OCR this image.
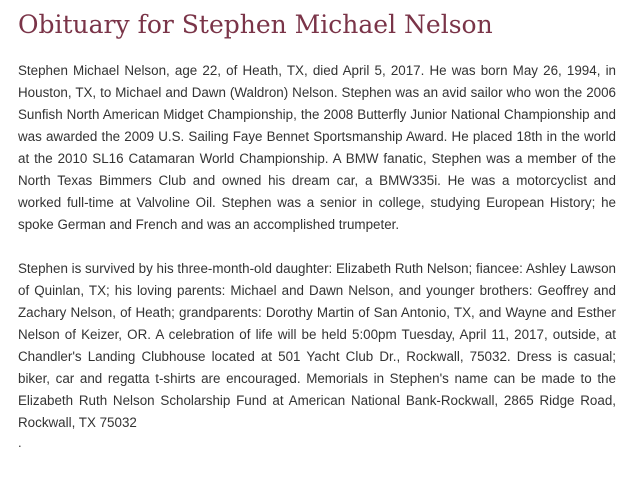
Obituary for Stephen Michael Nelson

Stephen Michael Nelson, age 22, of Heath, TX, died April 5, 2017. He was born May 26, 1994, in Houston, TX, to Michael and Dawn (Waldron) Nelson. Stephen was an avid sailor who won the 2006 Sunfish North American Midget Championship, the 2008 Butterfly Junior National Championship and was awarded the 2009 U.S. Sailing Faye Bennet Sportsmanship Award. He placed 18th in the world at the 2010 SL16 Catamaran World Championship. A BMW fanatic, Stephen was a member of the North Texas Bimmers Club and owned his dream car, a BMW335i. He was a motorcyclist and worked full-time at Valvoline Oil. Stephen was a senior in college, studying European History; he spoke German and French and was an accomplished trumpeter.

Stephen is survived by his three-month-old daughter: Elizabeth Ruth Nelson; fiancee: Ashley Lawson of Quinlan, TX; his loving parents: Michael and Dawn Nelson, and younger brothers: Geoffrey and Zachary Nelson, of Heath; grandparents: Dorothy Martin of San Antonio, TX, and Wayne and Esther Nelson of Keizer, OR. A celebration of life will be held 5:00pm Tuesday, April 11, 2017, outside, at Chandler's Landing Clubhouse located at 501 Yacht Club Dr., Rockwall, 75032. Dress is casual; biker, car and regatta t-shirts are encouraged. Memorials in Stephen's name can be made to the Elizabeth Ruth Nelson Scholarship Fund at American National Bank-Rockwall, 2865 Ridge Road, Rockwall, TX 75032

.
